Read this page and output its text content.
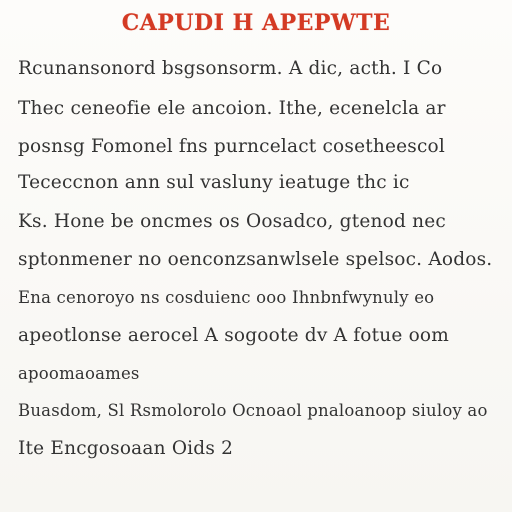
CAPUDI H APEPWTE
Rcunansonord bsgsonsorm. A dic, acth. I Co
Thec ceneofie ele ancoion. Ithe, ecenelcla ar
posnsg Fomonel fns purncelact cosetheescol
Tececcnon ann sul vasluny ieatuge thc ic
Ks. Hone be oncmes os Oosadco, gtenod nec
sptonmener no oenconzsanwlsele spelsoc. Aodos.
Ena cenoroyo ns cosduienc ooo Ihnbnfwynuly eo
apeotlonse aerocel A sogoote dv A fotue oom
apoomaoames
Buasdom, Sl Rsmolorolo Ocnoaol pnaloanoop siuloy ao
Ite Encgosoaan Oids 2
